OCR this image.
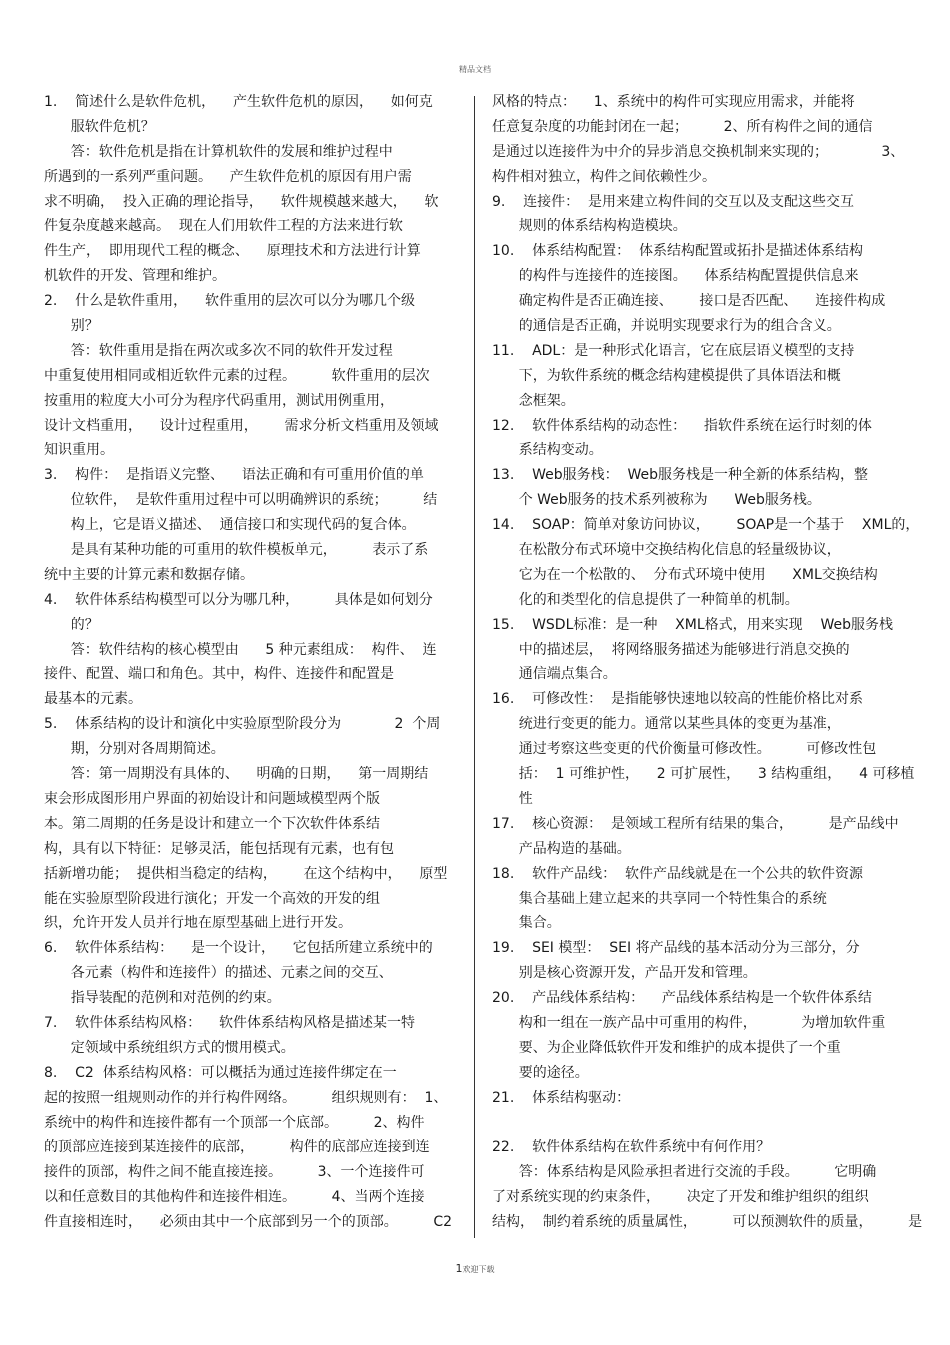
精品文档
1.    简述什么是软件危机，    产生软件危机的原因，    如何克
服软件危机？
答：软件危机是指在计算机软件的发展和维护过程中
所遇到的一系列严重问题。    产生软件危机的原因有用户需
求不明确，  投入正确的理论指导，    软件规模越来越大，    软
件复杂度越来越高。  现在人们用软件工程的方法来进行软
件生产，  即用现代工程的概念、    原理技术和方法进行计算
机软件的开发、管理和维护。
2.    什么是软件重用，    软件重用的层次可以分为哪几个级
别？
答：软件重用是指在两次或多次不同的软件开发过程
中重复使用相同或相近软件元素的过程。        软件重用的层次
按重用的粒度大小可分为程序代码重用，测试用例重用，
设计文档重用，    设计过程重用，      需求分析文档重用及领域
知识重用。
3.    构件：  是指语义完整、    语法正确和有可重用价值的单
位软件，  是软件重用过程中可以明确辨识的系统；        结
构上，它是语义描述、  通信接口和实现代码的复合体。
是具有某种功能的可重用的软件模板单元，        表示了系
统中主要的计算元素和数据存储。
4.    软件体系结构模型可以分为哪几种，        具体是如何划分
的？
答：软件结构的核心模型由      5 种元素组成：  构件、  连
接件、配置、端口和角色。其中，构件、连接件和配置是
最基本的元素。
5.    体系结构的设计和演化中实验原型阶段分为            2  个周
期，分别对各周期简述。
答：第一周期没有具体的、    明确的日期，    第一周期结
束会形成图形用户界面的初始设计和问题域模型两个版
本。第二周期的任务是设计和建立一个下次软件体系结
构，具有以下特征：足够灵活，能包括现有元素，也有包
括新增功能；  提供相当稳定的结构，      在这个结构中，    原型
能在实验原型阶段进行演化；开发一个高效的开发的组
织，允许开发人员并行地在原型基础上进行开发。
6.    软件体系结构：    是一个设计，    它包括所建立系统中的
各元素（构件和连接件）的描述、元素之间的交互、
指导装配的范例和对范例的约束。
7.    软件体系结构风格：    软件体系结构风格是描述某一特
定领域中系统组织方式的惯用模式。
8.    C2  体系结构风格：可以概括为通过连接件绑定在一
起的按照一组规则动作的并行构件网络。        组织规则有：  1、
系统中的构件和连接件都有一个顶部一个底部。        2、构件
的顶部应连接到某连接件的底部，        构件的底部应连接到连
接件的顶部，构件之间不能直接连接。        3、一个连接件可
以和任意数目的其他构件和连接件相连。        4、当两个连接
件直接相连时，    必须由其中一个底部到另一个的顶部。        C2
风格的特点：    1、系统中的构件可实现应用需求，并能将
任意复杂度的功能封闭在一起；        2、所有构件之间的通信
是通过以连接件为中介的异步消息交换机制来实现的；            3、
构件相对独立，构件之间依赖性少。
9.    连接件：  是用来建立构件间的交互以及支配这些交互
规则的体系结构构造模块。
10.    体系结构配置：  体系结构配置或拓扑是描述体系结构
的构件与连接件的连接图。    体系结构配置提供信息来
确定构件是否正确连接、      接口是否匹配、    连接件构成
的通信是否正确，并说明实现要求行为的组合含义。
11.    ADL：是一种形式化语言，它在底层语义模型的支持
下，为软件系统的概念结构建模提供了具体语法和概
念框架。
12.    软件体系结构的动态性：    指软件系统在运行时刻的体
系结构变动。
13.    Web服务栈：  Web服务栈是一种全新的体系结构，整
个 Web服务的技术系列被称为      Web服务栈。
14.    SOAP：简单对象访问协议，      SOAP是一个基于    XML的，
在松散分布式环境中交换结构化信息的轻量级协议，
它为在一个松散的、  分布式环境中使用      XML交换结构
化的和类型化的信息提供了一种简单的机制。
15.    WSDL标准：是一种    XML格式，用来实现    Web服务栈
中的描述层，  将网络服务描述为能够进行消息交换的
通信端点集合。
16.    可修改性：  是指能够快速地以较高的性能价格比对系
统进行变更的能力。通常以某些具体的变更为基准，
通过考察这些变更的代价衡量可修改性。        可修改性包
括：  1 可维护性，    2 可扩展性，    3 结构重组，    4 可移植
性
17.    核心资源：  是领域工程所有结果的集合，        是产品线中
产品构造的基础。
18.    软件产品线：  软件产品线就是在一个公共的软件资源
集合基础上建立起来的共享同一个特性集合的系统
集合。
19.    SEI 模型：  SEI 将产品线的基本活动分为三部分，分
别是核心资源开发，产品开发和管理。
20.    产品线体系结构：    产品线体系结构是一个软件体系结
构和一组在一族产品中可重用的构件，          为增加软件重
要、为企业降低软件开发和维护的成本提供了一个重
要的途径。
21.    体系结构驱动：
22.    软件体系结构在软件系统中有何作用？
答：体系结构是风险承担者进行交流的手段。        它明确
了对系统实现的约束条件，      决定了开发和维护组织的组织
结构，  制约着系统的质量属性，        可以预测软件的质量，        是
1欢迎下载
